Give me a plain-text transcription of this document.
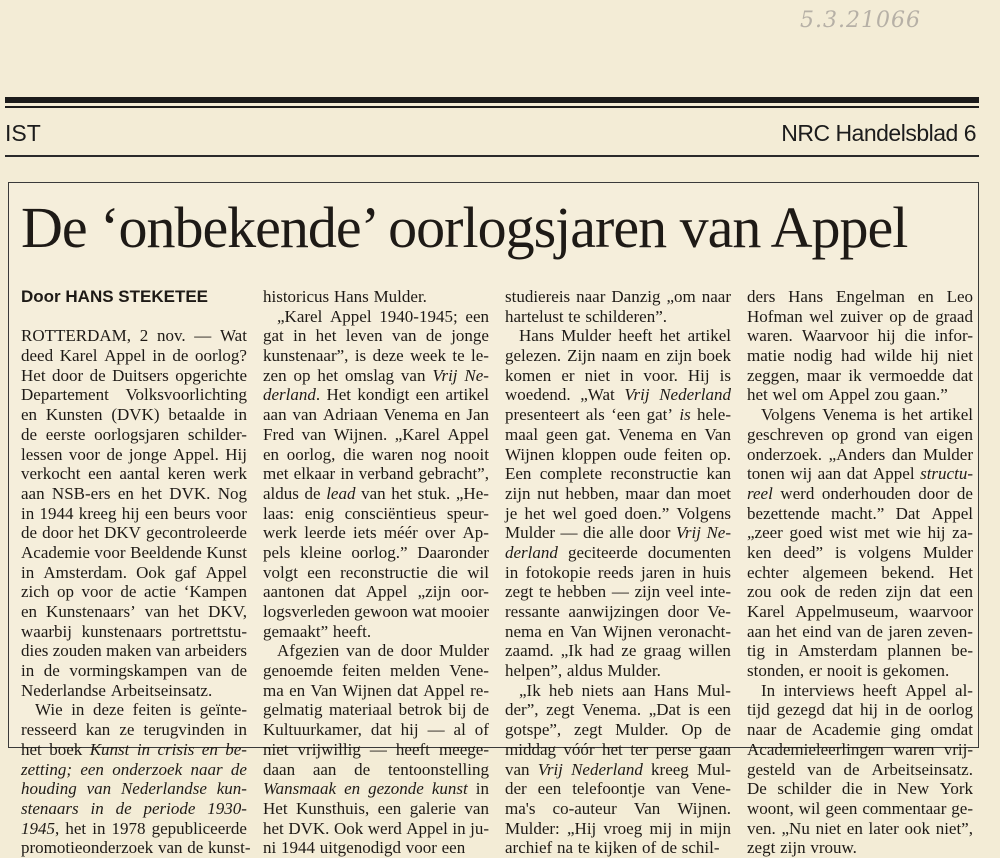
5.3.21066
IST	NRC Handelsblad 6
De ‘onbekende’ oorlogsjaren van Appel
Door HANS STEKETEE
ROTTERDAM, 2 nov. — Wat
deed Karel Appel in de oorlog?
Het door de Duitsers opgerichte
Departement Volksvoorlichting
en Kunsten (DVK) betaalde in
de eerste oorlogsjaren schilder-
lessen voor de jonge Appel. Hij
verkocht een aantal keren werk
aan NSB-ers en het DVK. Nog
in 1944 kreeg hij een beurs voor
de door het DKV gecontroleerde
Academie voor Beeldende Kunst
in Amsterdam. Ook gaf Appel
zich op voor de actie ‘Kampen
en Kunstenaars’ van het DKV,
waarbij kunstenaars portrettstu-
dies zouden maken van arbeiders
in de vormingskampen van de
Nederlandse Arbeitseinsatz.
Wie in deze feiten is geïnte-
resseerd kan ze terugvinden in
het boek Kunst in crisis en be-
zetting; een onderzoek naar de
houding van Nederlandse kun-
stenaars in de periode 1930-
1945, het in 1978 gepubliceerde
promotieonderzoek van de kunst-
historicus Hans Mulder.
„Karel Appel 1940-1945; een
gat in het leven van de jonge
kunstenaar”, is deze week te le-
zen op het omslag van Vrij Ne-
derland. Het kondigt een artikel
aan van Adriaan Venema en Jan
Fred van Wijnen. „Karel Appel
en oorlog, die waren nog nooit
met elkaar in verband gebracht”,
aldus de lead van het stuk. „He-
laas: enig consciëntieus speur-
werk leerde iets méér over Ap-
pels kleine oorlog.” Daaronder
volgt een reconstructie die wil
aantonen dat Appel „zijn oor-
logsverleden gewoon wat mooier
gemaakt” heeft.
Afgezien van de door Mulder
genoemde feiten melden Vene-
ma en Van Wijnen dat Appel re-
gelmatig materiaal betrok bij de
Kultuurkamer, dat hij — al of
niet vrijwillig — heeft meege-
daan aan de tentoonstelling
Wansmaak en gezonde kunst in
Het Kunsthuis, een galerie van
het DVK. Ook werd Appel in ju-
ni 1944 uitgenodigd voor een
studiereis naar Danzig „om naar
hartelust te schilderen”.
Hans Mulder heeft het artikel
gelezen. Zijn naam en zijn boek
komen er niet in voor. Hij is
woedend. „Wat Vrij Nederland
presenteert als ‘een gat’ is hele-
maal geen gat. Venema en Van
Wijnen kloppen oude feiten op.
Een complete reconstructie kan
zijn nut hebben, maar dan moet
je het wel goed doen.” Volgens
Mulder — die alle door Vrij Ne-
derland geciteerde documenten
in fotokopie reeds jaren in huis
zegt te hebben — zijn veel inte-
ressante aanwijzingen door Ve-
nema en Van Wijnen veronacht-
zaamd. „Ik had ze graag willen
helpen”, aldus Mulder.
„Ik heb niets aan Hans Mul-
der”, zegt Venema. „Dat is een
gotspe”, zegt Mulder. Op de
middag vóór het ter perse gaan
van Vrij Nederland kreeg Mul-
der een telefoontje van Vene-
ma's co-auteur Van Wijnen.
Mulder: „Hij vroeg mij in mijn
archief na te kijken of de schil-
ders Hans Engelman en Leo
Hofman wel zuiver op de graad
waren. Waarvoor hij die infor-
matie nodig had wilde hij niet
zeggen, maar ik vermoedde dat
het wel om Appel zou gaan.”
Volgens Venema is het artikel
geschreven op grond van eigen
onderzoek. „Anders dan Mulder
tonen wij aan dat Appel structu-
reel werd onderhouden door de
bezettende macht.” Dat Appel
„zeer goed wist met wie hij za-
ken deed” is volgens Mulder
echter algemeen bekend. Het
zou ook de reden zijn dat een
Karel Appelmuseum, waarvoor
aan het eind van de jaren zeven-
tig in Amsterdam plannen be-
stonden, er nooit is gekomen.
In interviews heeft Appel al-
tijd gezegd dat hij in de oorlog
naar de Academie ging omdat
Academieleerlingen waren vrij-
gesteld van de Arbeitseinsatz.
De schilder die in New York
woont, wil geen commentaar ge-
ven. „Nu niet en later ook niet”,
zegt zijn vrouw.
